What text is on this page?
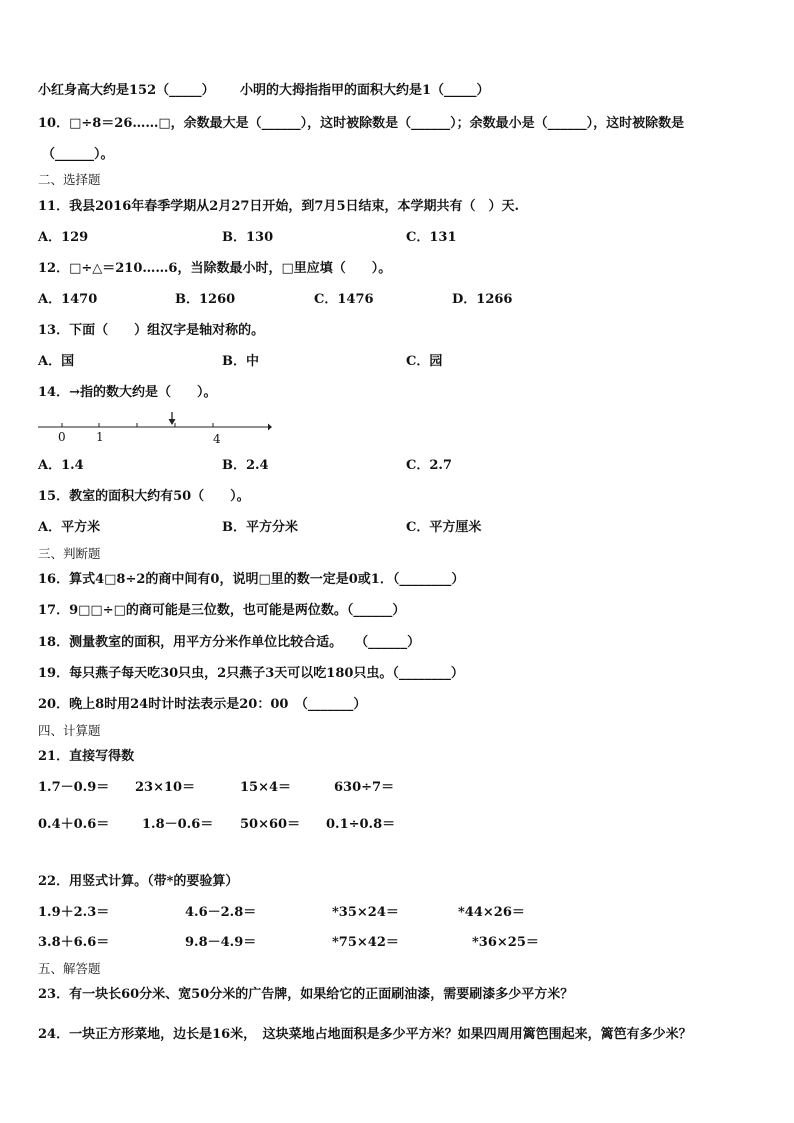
小红身高大约是152（_____） 小明的大拇指指甲的面积大约是1（_____）
10．□÷8＝26……□，余数最大是（______），这时被除数是（______）；余数最小是（______），这时被除数是
（______）。
二、选择题
11．我县2016年春季学期从2月27日开始，到7月5日结束，本学期共有（　）天.
A．129	B．130	C．131
12．□÷△＝210……6，当除数最小时，□里应填（　　）。
A．1470	B．1260	C．1476	D．1266
13．下面（　　）组汉字是轴对称的。
A．国	B．中	C．园
14．→指的数大约是（　　）。
0	1	4
A．1.4	B．2.4	C．2.7
15．教室的面积大约有50（　　）。
A．平方米	B．平方分米	C．平方厘米
三、判断题
16．算式4□8÷2的商中间有0，说明□里的数一定是0或1．（________）
17．9□□÷□的商可能是三位数，也可能是两位数。（______）
18．测量教室的面积，用平方分米作单位比较合适。　　（______）
19．每只燕子每天吃30只虫，2只燕子3天可以吃180只虫。（________）
20．晚上8时用24时计时法表示是20：00　（_______）
四、计算题
21．直接写得数
1.7－0.9＝ 23×10＝	15×4＝	630÷7＝
0.4＋0.6＝	1.8－0.6＝ 50×60＝ 0.1÷0.8＝
22．用竖式计算。（带*的要验算）
1.9＋2.3＝	4.6－2.8＝	*35×24＝	*44×26＝
3.8＋6.6＝	9.8－4.9＝	*75×42＝	*36×25＝
五、解答题
23．有一块长60分米、宽50分米的广告牌，如果给它的正面刷油漆，需要刷漆多少平方米？
24．一块正方形菜地，边长是16米，　这块菜地占地面积是多少平方米？如果四周用篱笆围起来，篱笆有多少米？
